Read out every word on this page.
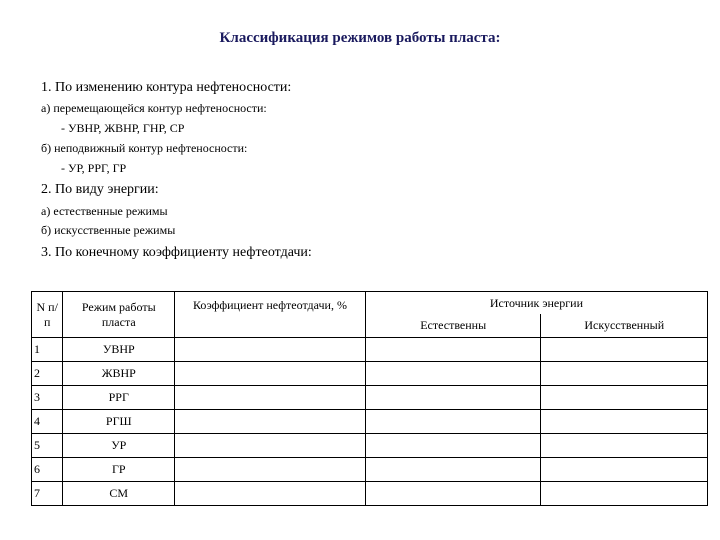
Классификация режимов работы пласта:
1. По изменению контура нефтеносности:
а) перемещающейся контур нефтеносности:
- УВНР, ЖВНР, ГНР, СР
б) неподвижный контур нефтеносности:
- УР, РРГ, ГР
2. По виду энергии:
а) естественные режимы
б) искусственные режимы
3. По конечному коэффициенту нефтеотдачи:
N п/п	Режим работы пласта	Коэффициент нефтеотдачи, %	Источник энергии	
			Естественны	Искусственный
1	УВНР			
2	ЖВНР			
3	РРГ			
4	РГШ			
5	УР			
6	ГР			
7	СМ			
